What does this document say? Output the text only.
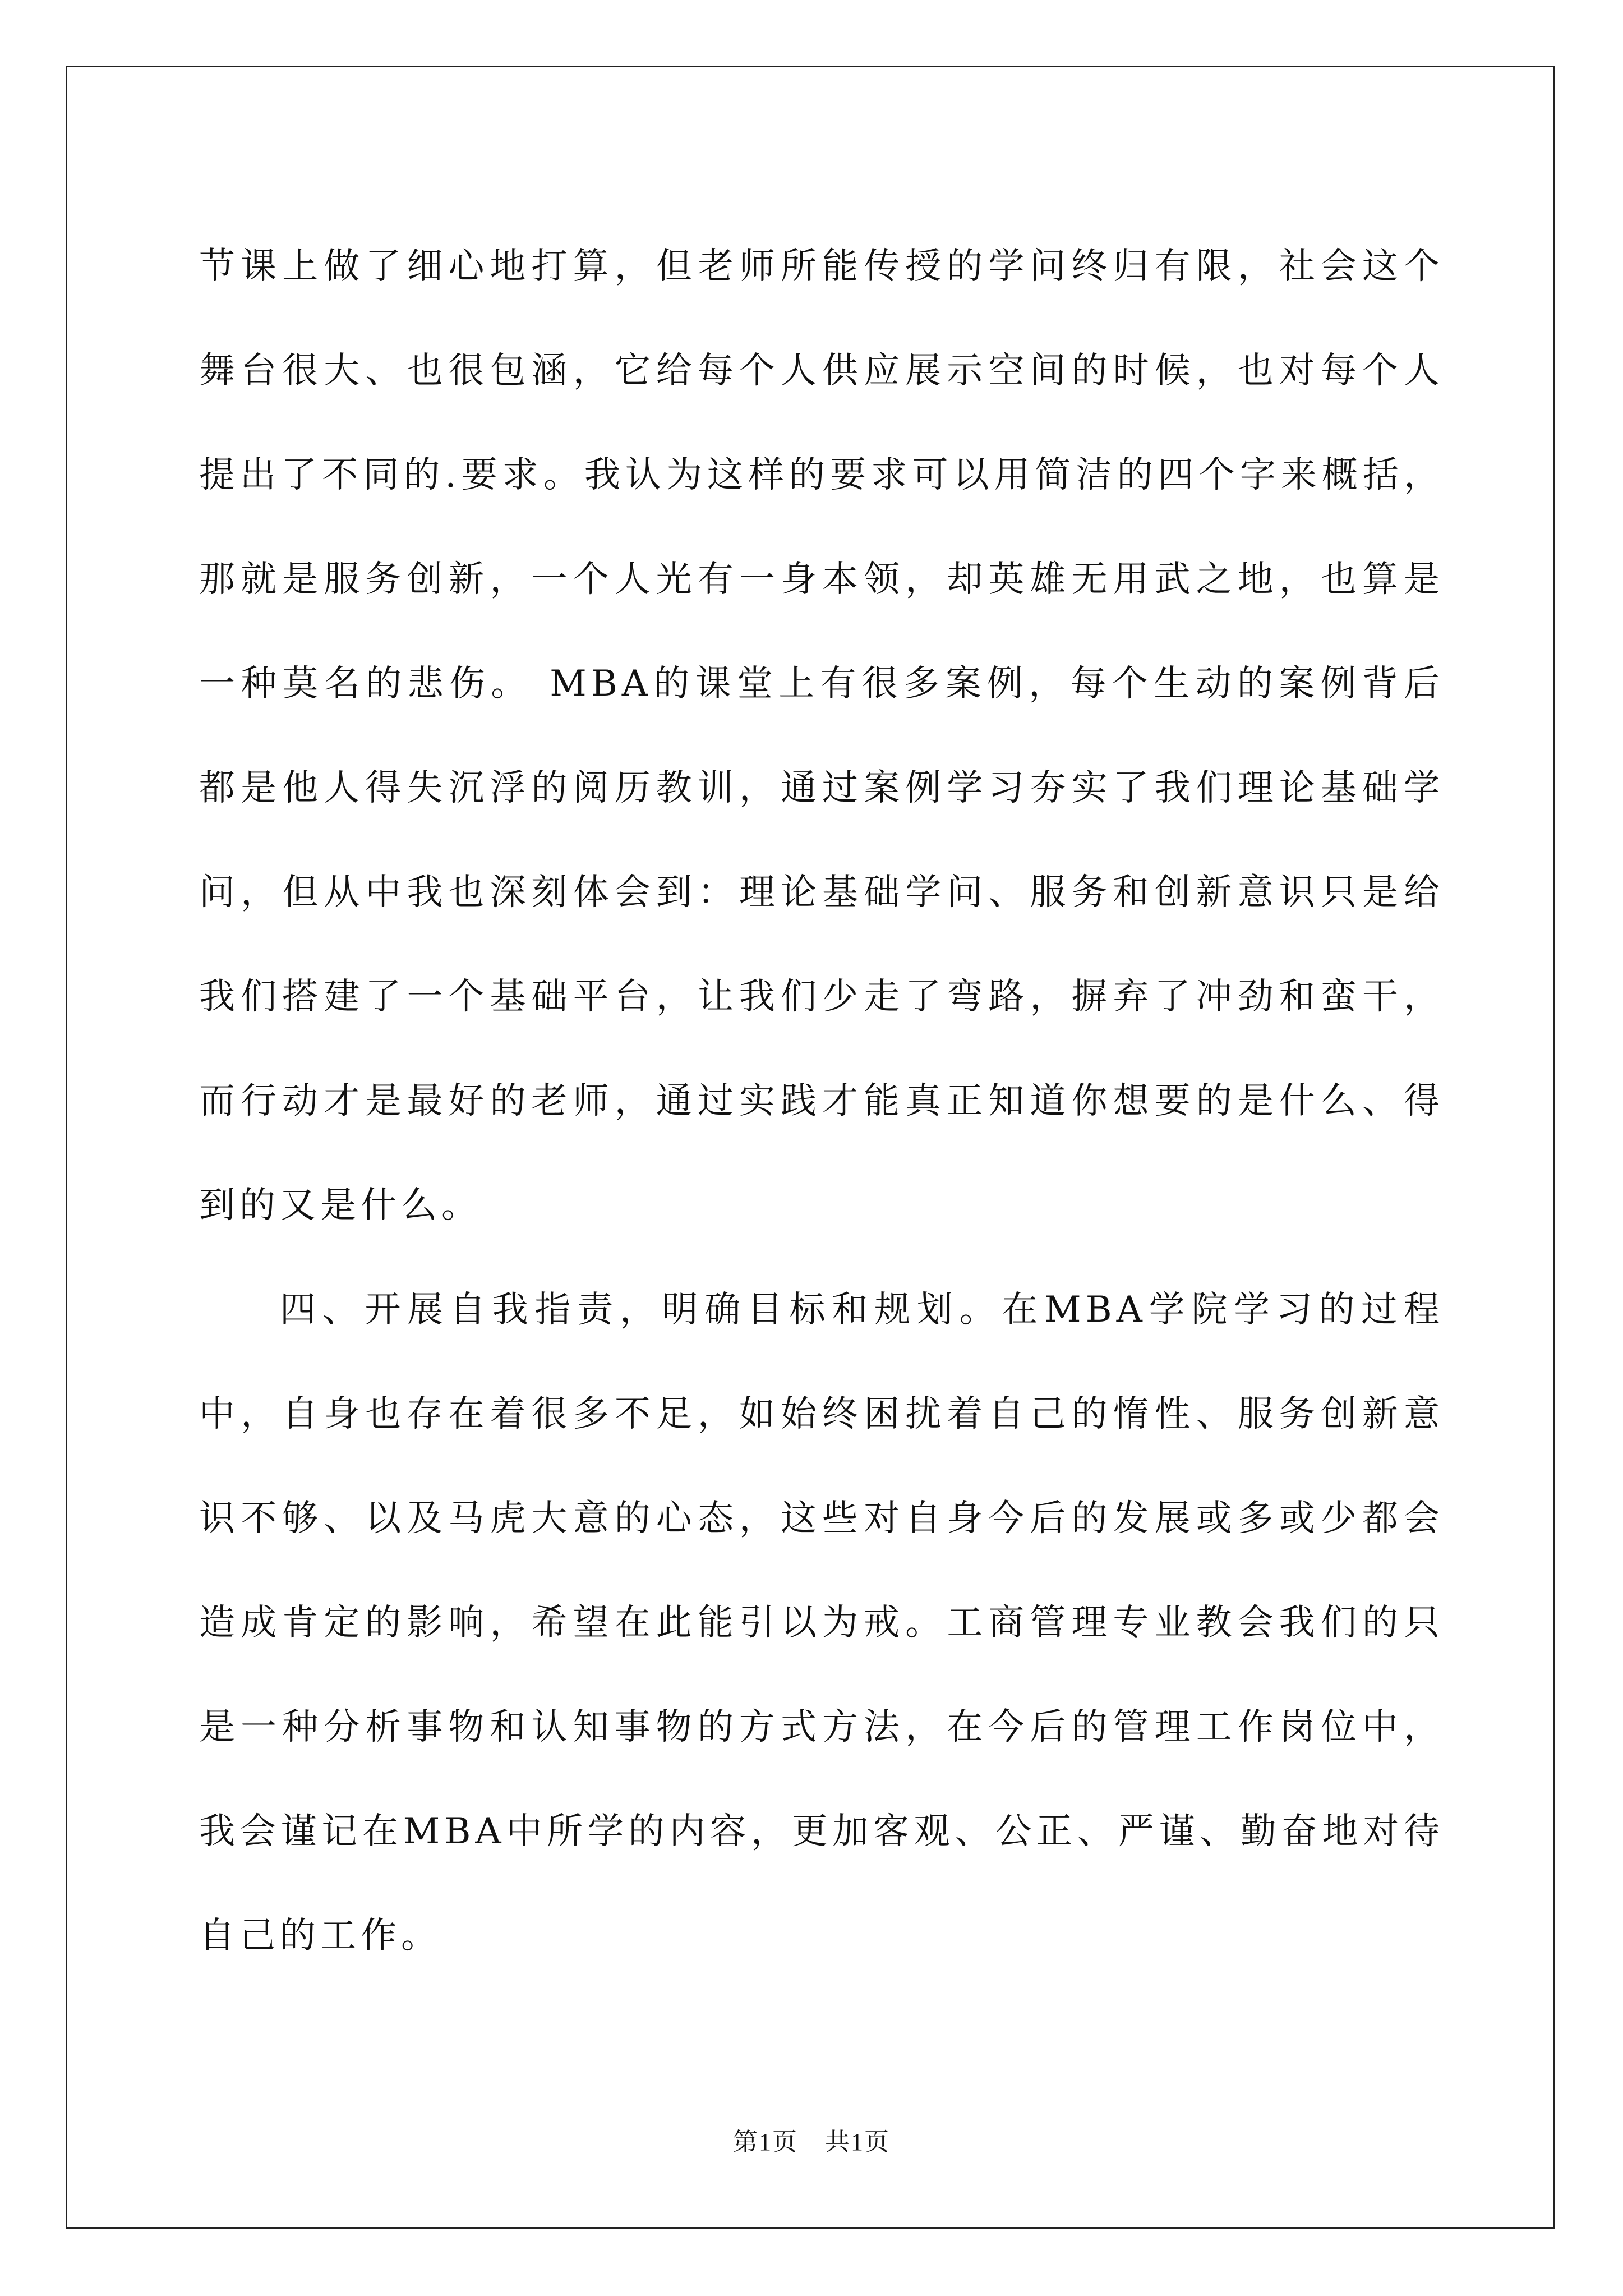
节课上做了细心地打算，但老师所能传授的学问终归有限，社会这个舞台很大、也很包涵，它给每个人供应展示空间的时候，也对每个人提出了不同的.要求。我认为这样的要求可以用简洁的四个字来概括，那就是服务创新，一个人光有一身本领，却英雄无用武之地，也算是一种莫名的悲伤。 MBA的课堂上有很多案例，每个生动的案例背后都是他人得失沉浮的阅历教训，通过案例学习夯实了我们理论基础学问，但从中我也深刻体会到：理论基础学问、服务和创新意识只是给我们搭建了一个基础平台，让我们少走了弯路，摒弃了冲劲和蛮干，而行动才是最好的老师，通过实践才能真正知道你想要的是什么、得到的又是什么。

四、开展自我指责，明确目标和规划。在MBA学院学习的过程中，自身也存在着很多不足，如始终困扰着自己的惰性、服务创新意识不够、以及马虎大意的心态，这些对自身今后的发展或多或少都会造成肯定的影响，希望在此能引以为戒。工商管理专业教会我们的只是一种分析事物和认知事物的方式方法，在今后的管理工作岗位中，我会谨记在MBA中所学的内容，更加客观、公正、严谨、勤奋地对待自己的工作。

第1页 共1页
